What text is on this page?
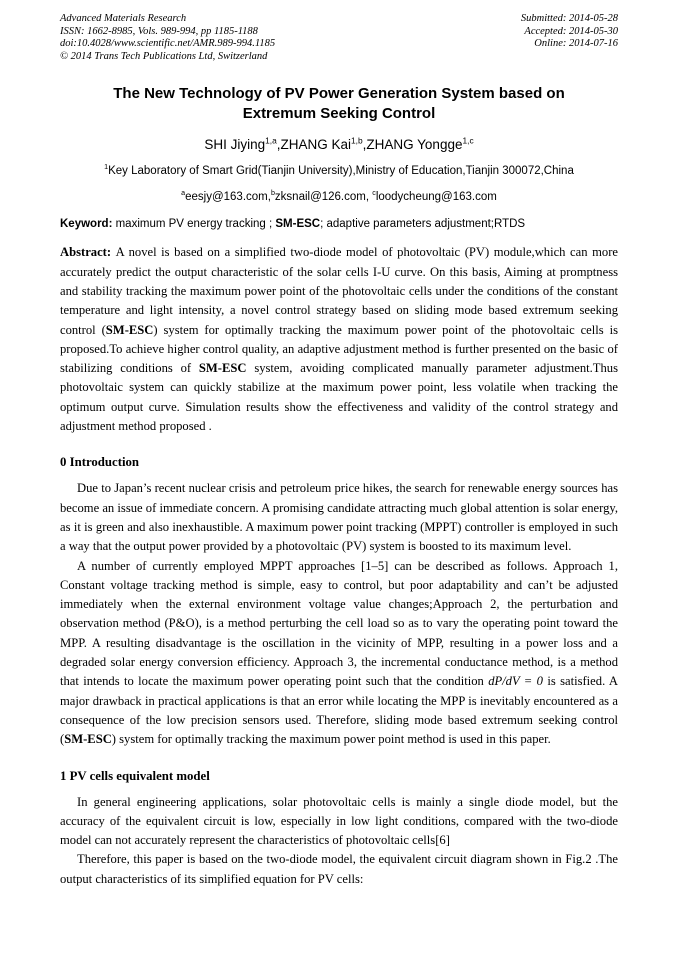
Advanced Materials Research
ISSN: 1662-8985, Vols. 989-994, pp 1185-1188
doi:10.4028/www.scientific.net/AMR.989-994.1185
© 2014 Trans Tech Publications Ltd, Switzerland
Submitted: 2014-05-28
Accepted: 2014-05-30
Online: 2014-07-16
The New Technology of PV Power Generation System based on Extremum Seeking Control
SHI Jiying$^{1,a}$,ZHANG Kai$^{1,b}$,ZHANG Yongge$^{1,c}$
$^1$Key Laboratory of Smart Grid(Tianjin University),Ministry of Education,Tianjin 300072,China
$^a$eesjy@163.com,$^b$zksnail@126.com, $^c$loodycheung@163.com
Keyword: maximum PV energy tracking ; SM-ESC; adaptive parameters adjustment;RTDS

Abstract: A novel is based on a simplified two-diode model of photovoltaic (PV) module,which can more accurately predict the output characteristic of the solar cells I-U curve. On this basis, Aiming at promptness and stability tracking the maximum power point of the photovoltaic cells under the conditions of the constant temperature and light intensity, a novel control strategy based on sliding mode based extremum seeking control (SM-ESC) system for optimally tracking the maximum power point of the photovoltaic cells is proposed.To achieve higher control quality, an adaptive adjustment method is further presented on the basic of stabilizing conditions of SM-ESC system, avoiding complicated manually parameter adjustment.Thus photovoltaic system can quickly stabilize at the maximum power point, less volatile when tracking the optimum output curve. Simulation results show the effectiveness and validity of the control strategy and adjustment method proposed .

0 Introduction

Due to Japan’s recent nuclear crisis and petroleum price hikes, the search for renewable energy sources has become an issue of immediate concern. A promising candidate attracting much global attention is solar energy, as it is green and also inexhaustible. A maximum power point tracking (MPPT) controller is employed in such a way that the output power provided by a photovoltaic (PV) system is boosted to its maximum level.

A number of currently employed MPPT approaches [1–5] can be described as follows. Approach 1, Constant voltage tracking method is simple, easy to control, but poor adaptability and can’t be adjusted immediately when the external environment voltage value changes;Approach 2, the perturbation and observation method (P&O), is a method perturbing the cell load so as to vary the operating point toward the MPP. A resulting disadvantage is the oscillation in the vicinity of MPP, resulting in a power loss and a degraded solar energy conversion efficiency. Approach 3, the incremental conductance method, is a method that intends to locate the maximum power operating point such that the condition dP/dV = 0 is satisfied. A major drawback in practical applications is that an error while locating the MPP is inevitably encountered as a consequence of the low precision sensors used. Therefore, sliding mode based extremum seeking control (SM-ESC) system for optimally tracking the maximum power point method is used in this paper.

1 PV cells equivalent model

In general engineering applications, solar photovoltaic cells is mainly a single diode model, but the accuracy of the equivalent circuit is low, especially in low light conditions, compared with the two-diode model can not accurately represent the characteristics of photovoltaic cells[6]

Therefore, this paper is based on the two-diode model, the equivalent circuit diagram shown in Fig.2 .The output characteristics of its simplified equation for PV cells:
